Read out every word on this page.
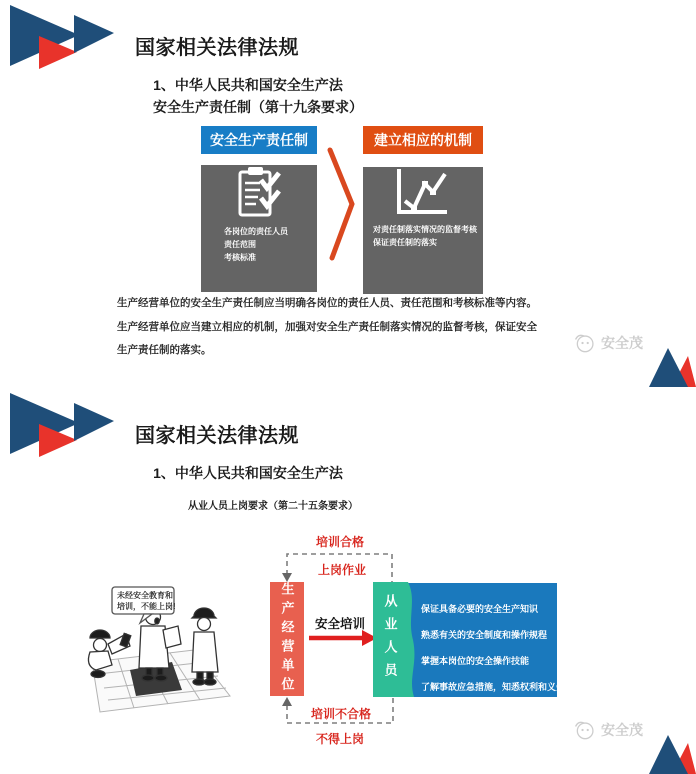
国家相关法律法规
1、中华人民共和国安全生产法
安全生产责任制（第十九条要求）
安全生产责任制
各岗位的责任人员
责任范围
考核标准
建立相应的机制
对责任制落实情况的监督考核
保证责任制的落实
生产经营单位的安全生产责任制应当明确各岗位的责任人员、责任范围和考核标准等内容。生产经营单位应当建立相应的机制，加强对安全生产责任制落实情况的监督考核，保证安全生产责任制的落实。	安全茂
国家相关法律法规
1、中华人民共和国安全生产法
从业人员上岗要求（第二十五条要求）
未经安全教育和
培训，不能上岗!	生产经营单位	保证具备必要的安全生产知识
熟悉有关的安全制度和操作规程
掌握本岗位的安全操作技能
了解事故应急措施，知悉权利和义务
从业人员
安全培训
培训合格
上岗作业
培训不合格
不得上岗
安全茂
